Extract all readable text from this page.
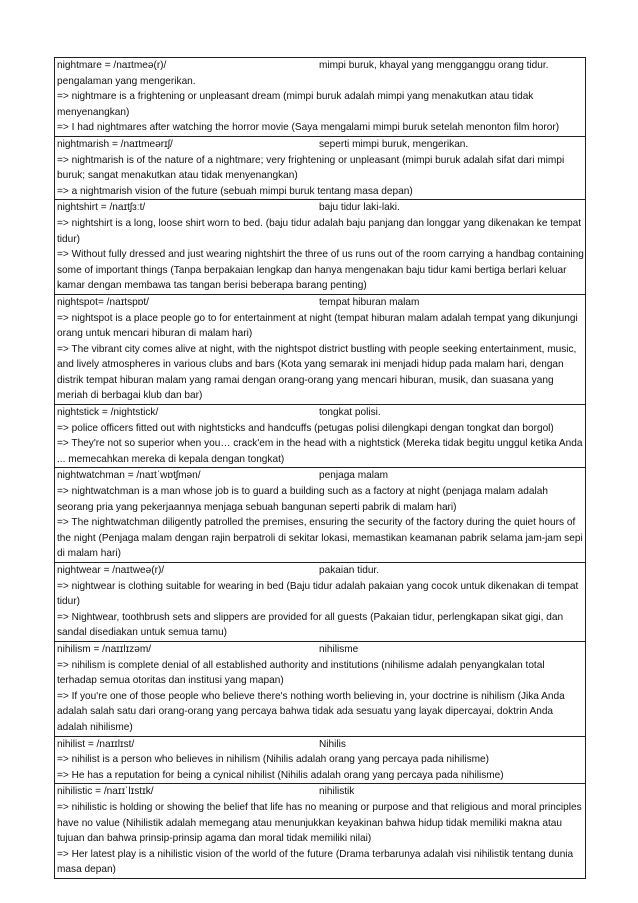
nightmare = /naɪtmeə(r)/	mimpi buruk, khayal yang mengganggu orang tidur.
pengalaman yang mengerikan.
=> nightmare is a frightening or unpleasant dream (mimpi buruk adalah mimpi yang menakutkan atau tidak menyenangkan)
=> I had nightmares after watching the horror movie (Saya mengalami mimpi buruk setelah menonton film horor)
nightmarish = /naɪtmeərɪʃ/	seperti mimpi buruk, mengerikan.
=> nightmarish is of the nature of a nightmare; very frightening or unpleasant (mimpi buruk adalah sifat dari mimpi buruk; sangat menakutkan atau tidak menyenangkan)
=> a nightmarish vision of the future (sebuah mimpi buruk tentang masa depan)
nightshirt = /naɪtʃɜːt/	baju tidur laki-laki.
=> nightshirt is a long, loose shirt worn to bed. (baju tidur adalah baju panjang dan longgar yang dikenakan ke tempat tidur)
=> Without fully dressed and just wearing nightshirt the three of us runs out of the room carrying a handbag containing some of important things (Tanpa berpakaian lengkap dan hanya mengenakan baju tidur kami bertiga berlari keluar kamar dengan membawa tas tangan berisi beberapa barang penting)
nightspot= /naɪtspɒt/	tempat hiburan malam
=> nightspot is a place people go to for entertainment at night (tempat hiburan malam adalah tempat yang dikunjungi orang untuk mencari hiburan di malam hari)
=> The vibrant city comes alive at night, with the nightspot district bustling with people seeking entertainment, music, and lively atmospheres in various clubs and bars (Kota yang semarak ini menjadi hidup pada malam hari, dengan distrik tempat hiburan malam yang ramai dengan orang-orang yang mencari hiburan, musik, dan suasana yang meriah di berbagai klub dan bar)
nightstick = /nightstick/	tongkat polisi.
=> police officers fitted out with nightsticks and handcuffs (petugas polisi dilengkapi dengan tongkat dan borgol)
=> They're not so superior when you… crack'em in the head with a nightstick (Mereka tidak begitu unggul ketika Anda ... memecahkan mereka di kepala dengan tongkat)
nightwatchman = /naɪtˈwɒtʃmən/	penjaga malam
=> nightwatchman is a man whose job is to guard a building such as a factory at night (penjaga malam adalah seorang pria yang pekerjaannya menjaga sebuah bangunan seperti pabrik di malam hari)
=> The nightwatchman diligently patrolled the premises, ensuring the security of the factory during the quiet hours of the night (Penjaga malam dengan rajin berpatroli di sekitar lokasi, memastikan keamanan pabrik selama jam-jam sepi di malam hari)
nightwear = /naɪtweə(r)/	pakaian tidur.
=> nightwear is clothing suitable for wearing in bed (Baju tidur adalah pakaian yang cocok untuk dikenakan di tempat tidur)
=> Nightwear, toothbrush sets and slippers are provided for all guests (Pakaian tidur, perlengkapan sikat gigi, dan sandal disediakan untuk semua tamu)
nihilism = /naɪɪlɪzəm/	nihilisme
=> nihilism is complete denial of all established authority and institutions (nihilisme adalah penyangkalan total terhadap semua otoritas dan institusi yang mapan)
=> If you're one of those people who believe there's nothing worth believing in, your doctrine is nihilism (Jika Anda adalah salah satu dari orang-orang yang percaya bahwa tidak ada sesuatu yang layak dipercayai, doktrin Anda adalah nihilisme)
nihilist = /naɪɪlɪst/	Nihilis
=> nihilist is a person who believes in nihilism (Nihilis adalah orang yang percaya pada nihilisme)
=> He has a reputation for being a cynical nihilist (Nihilis adalah orang yang percaya pada nihilisme)
nihilistic = /naɪɪˈlɪstɪk/	nihilistik
=> nihilistic is holding or showing the belief that life has no meaning or purpose and that religious and moral principles have no value (Nihilistik adalah memegang atau menunjukkan keyakinan bahwa hidup tidak memiliki makna atau tujuan dan bahwa prinsip-prinsip agama dan moral tidak memiliki nilai)
=> Her latest play is a nihilistic vision of the world of the future (Drama terbarunya adalah visi nihilistik tentang dunia masa depan)
